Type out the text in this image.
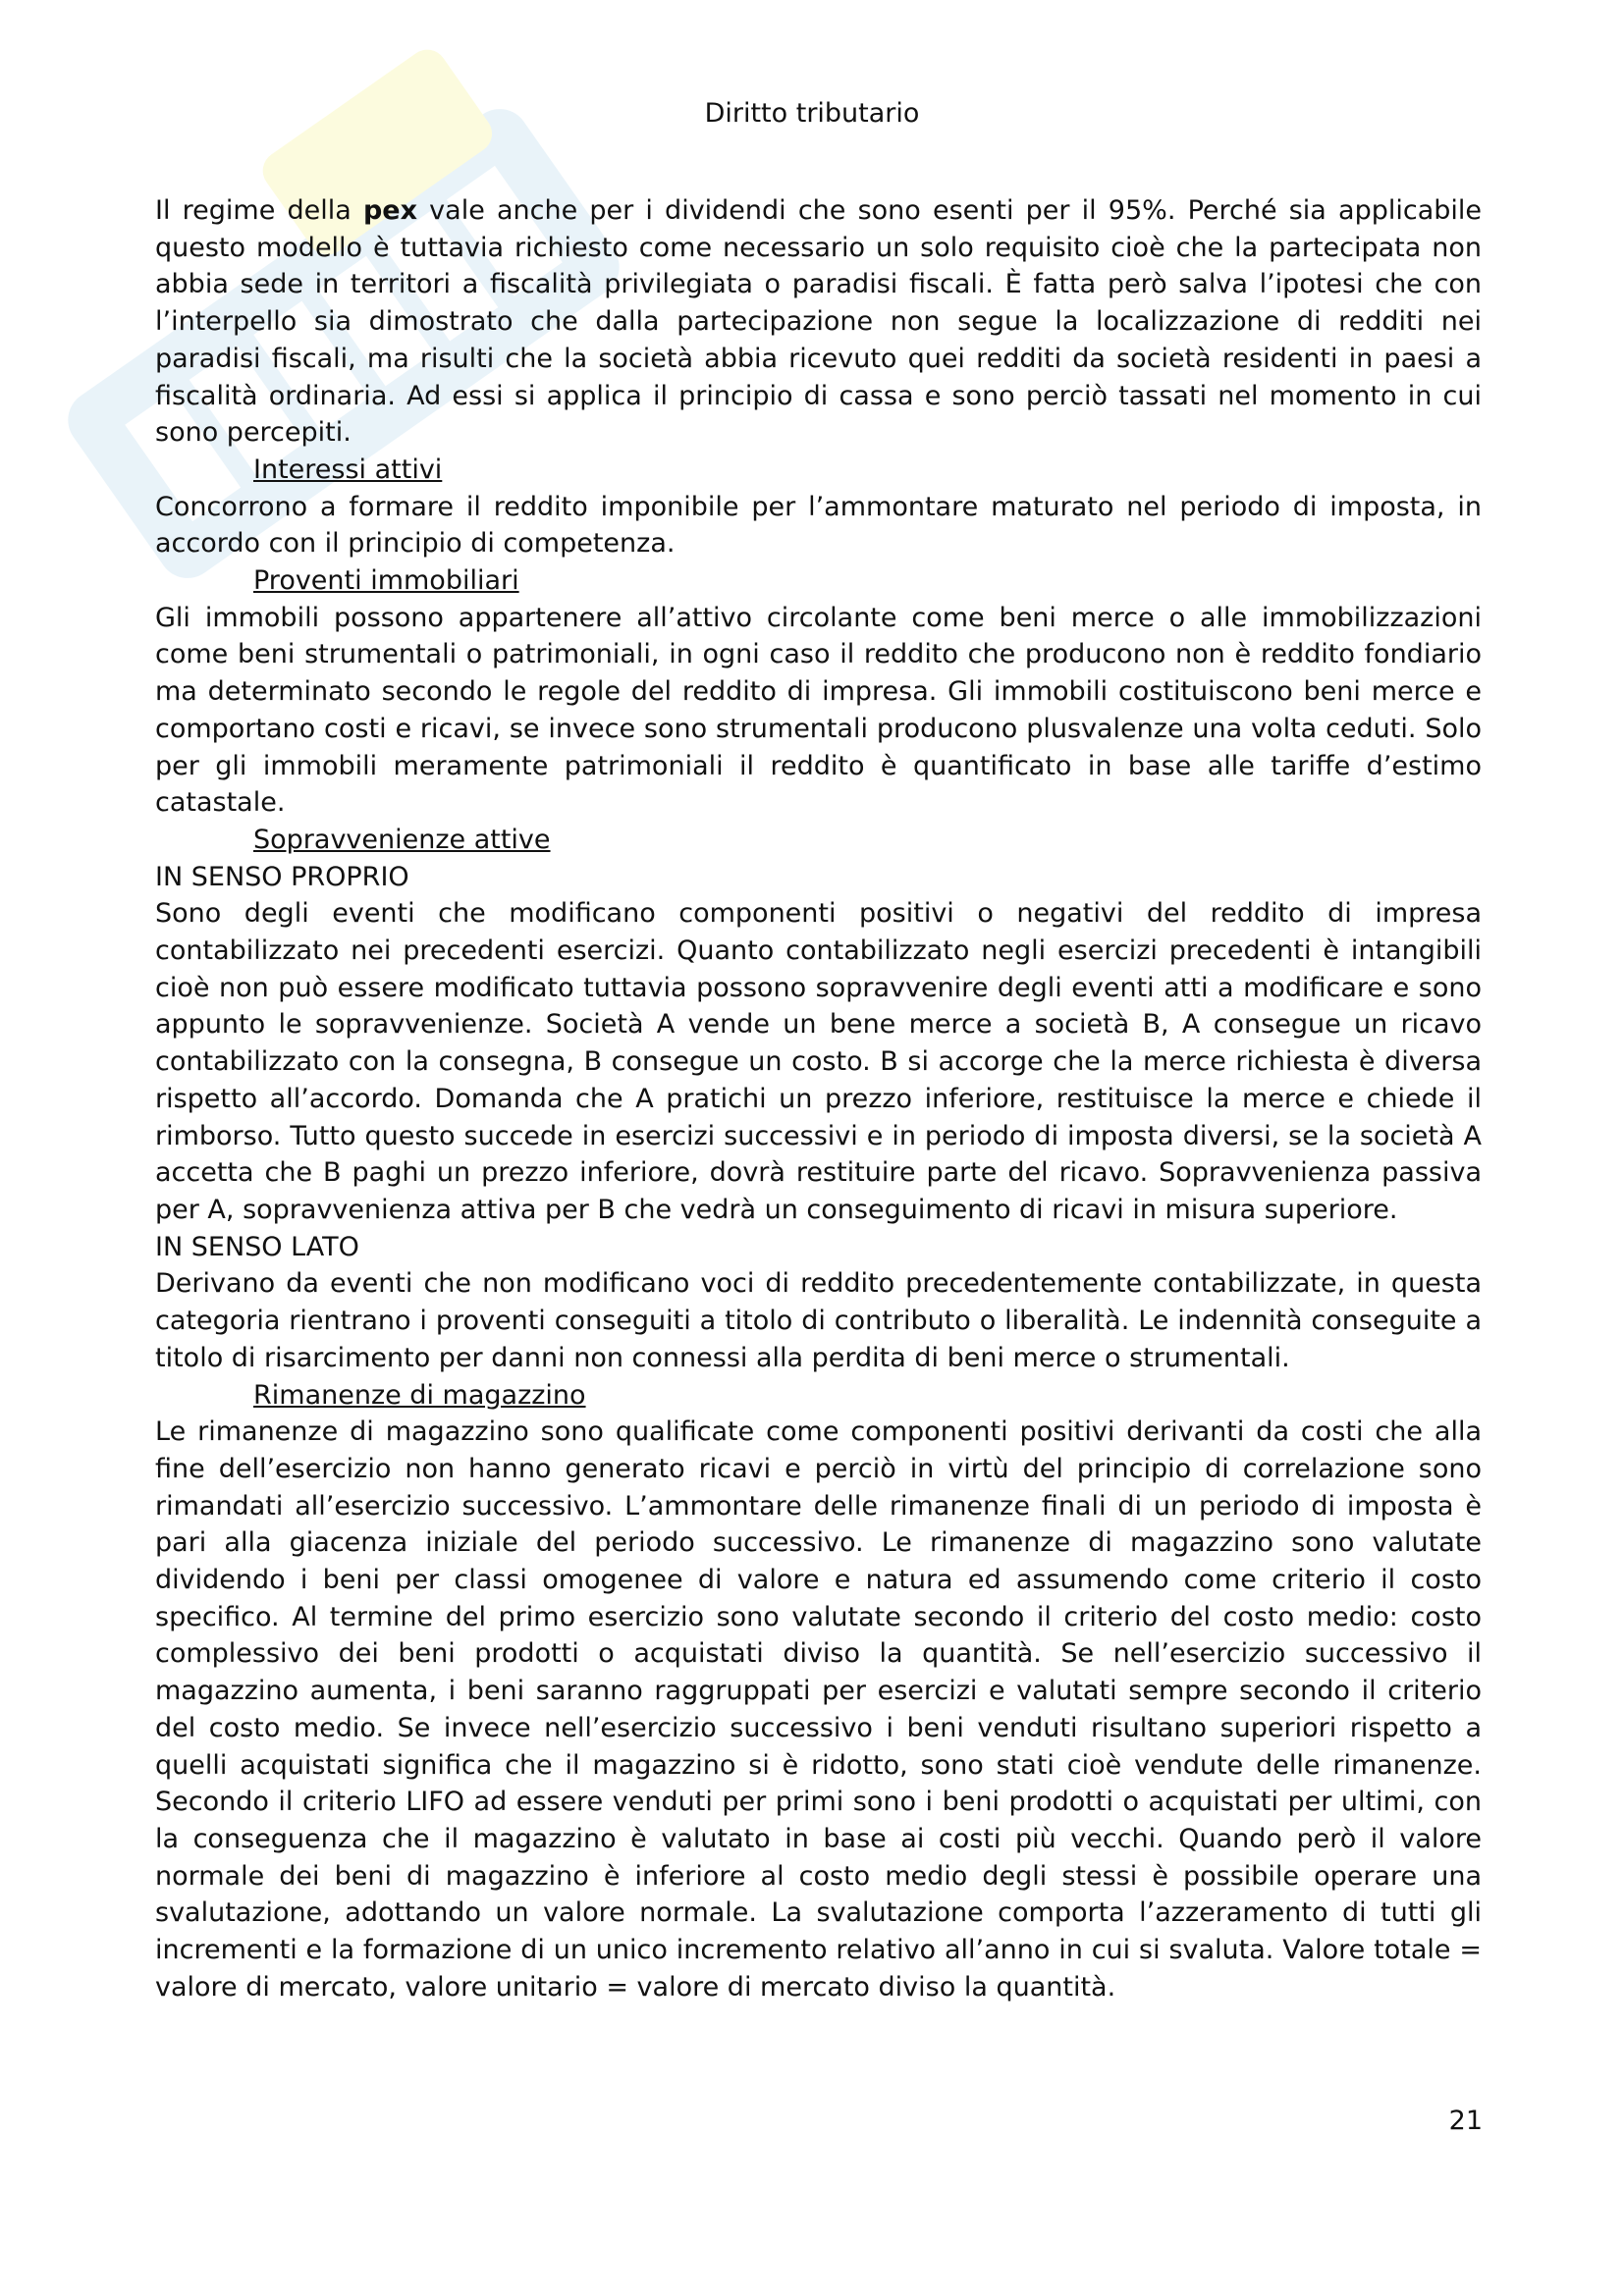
Diritto tributario

Il regime della pex vale anche per i dividendi che sono esenti per il 95%. Perché sia applicabile questo modello è tuttavia richiesto come necessario un solo requisito cioè che la partecipata non abbia sede in territori a fiscalità privilegiata o paradisi fiscali. È fatta però salva l’ipotesi che con l’interpello sia dimostrato che dalla partecipazione non segue la localizzazione di redditi nei paradisi fiscali, ma risulti che la società abbia ricevuto quei redditi da società residenti in paesi a fiscalità ordinaria. Ad essi si applica il principio di cassa e sono perciò tassati nel momento in cui sono percepiti.

Interessi attivi

Concorrono a formare il reddito imponibile per l’ammontare maturato nel periodo di imposta, in accordo con il principio di competenza.

Proventi immobiliari

Gli immobili possono appartenere all’attivo circolante come beni merce o alle immobilizzazioni come beni strumentali o patrimoniali, in ogni caso il reddito che producono non è reddito fondiario ma determinato secondo le regole del reddito di impresa. Gli immobili costituiscono beni merce e comportano costi e ricavi, se invece sono strumentali producono plusvalenze una volta ceduti. Solo per gli immobili meramente patrimoniali il reddito è quantificato in base alle tariffe d’estimo catastale.

Sopravvenienze attive

IN SENSO PROPRIO

Sono degli eventi che modificano componenti positivi o negativi del reddito di impresa contabilizzato nei precedenti esercizi. Quanto contabilizzato negli esercizi precedenti è intangibili cioè non può essere modificato tuttavia possono sopravvenire degli eventi atti a modificare e sono appunto le sopravvenienze. Società A vende un bene merce a società B, A consegue un ricavo contabilizzato con la consegna, B consegue un costo. B si accorge che la merce richiesta è diversa rispetto all’accordo. Domanda che A pratichi un prezzo inferiore, restituisce la merce e chiede il rimborso. Tutto questo succede in esercizi successivi e in periodo di imposta diversi, se la società A accetta che B paghi un prezzo inferiore, dovrà restituire parte del ricavo. Sopravvenienza passiva per A, sopravvenienza attiva per B che vedrà un conseguimento di ricavi in misura superiore.

IN SENSO LATO

Derivano da eventi che non modificano voci di reddito precedentemente contabilizzate, in questa categoria rientrano i proventi conseguiti a titolo di contributo o liberalità. Le indennità conseguite a titolo di risarcimento per danni non connessi alla perdita di beni merce o strumentali.

Rimanenze di magazzino

Le rimanenze di magazzino sono qualificate come componenti positivi derivanti da costi che alla fine dell’esercizio non hanno generato ricavi e perciò in virtù del principio di correlazione sono rimandati all’esercizio successivo. L’ammontare delle rimanenze finali di un periodo di imposta è pari alla giacenza iniziale del periodo successivo. Le rimanenze di magazzino sono valutate dividendo i beni per classi omogenee di valore e natura ed assumendo come criterio il costo specifico. Al termine del primo esercizio sono valutate secondo il criterio del costo medio: costo complessivo dei beni prodotti o acquistati diviso la quantità. Se nell’esercizio successivo il magazzino aumenta, i beni saranno raggruppati per esercizi e valutati sempre secondo il criterio del costo medio. Se invece nell’esercizio successivo i beni venduti risultano superiori rispetto a quelli acquistati significa che il magazzino si è ridotto, sono stati cioè vendute delle rimanenze. Secondo il criterio LIFO ad essere venduti per primi sono i beni prodotti o acquistati per ultimi, con la conseguenza che il magazzino è valutato in base ai costi più vecchi. Quando però il valore normale dei beni di magazzino è inferiore al costo medio degli stessi è possibile operare una svalutazione, adottando un valore normale. La svalutazione comporta l’azzeramento di tutti gli incrementi e la formazione di un unico incremento relativo all’anno in cui si svaluta. Valore totale = valore di mercato, valore unitario = valore di mercato diviso la quantità.

21
